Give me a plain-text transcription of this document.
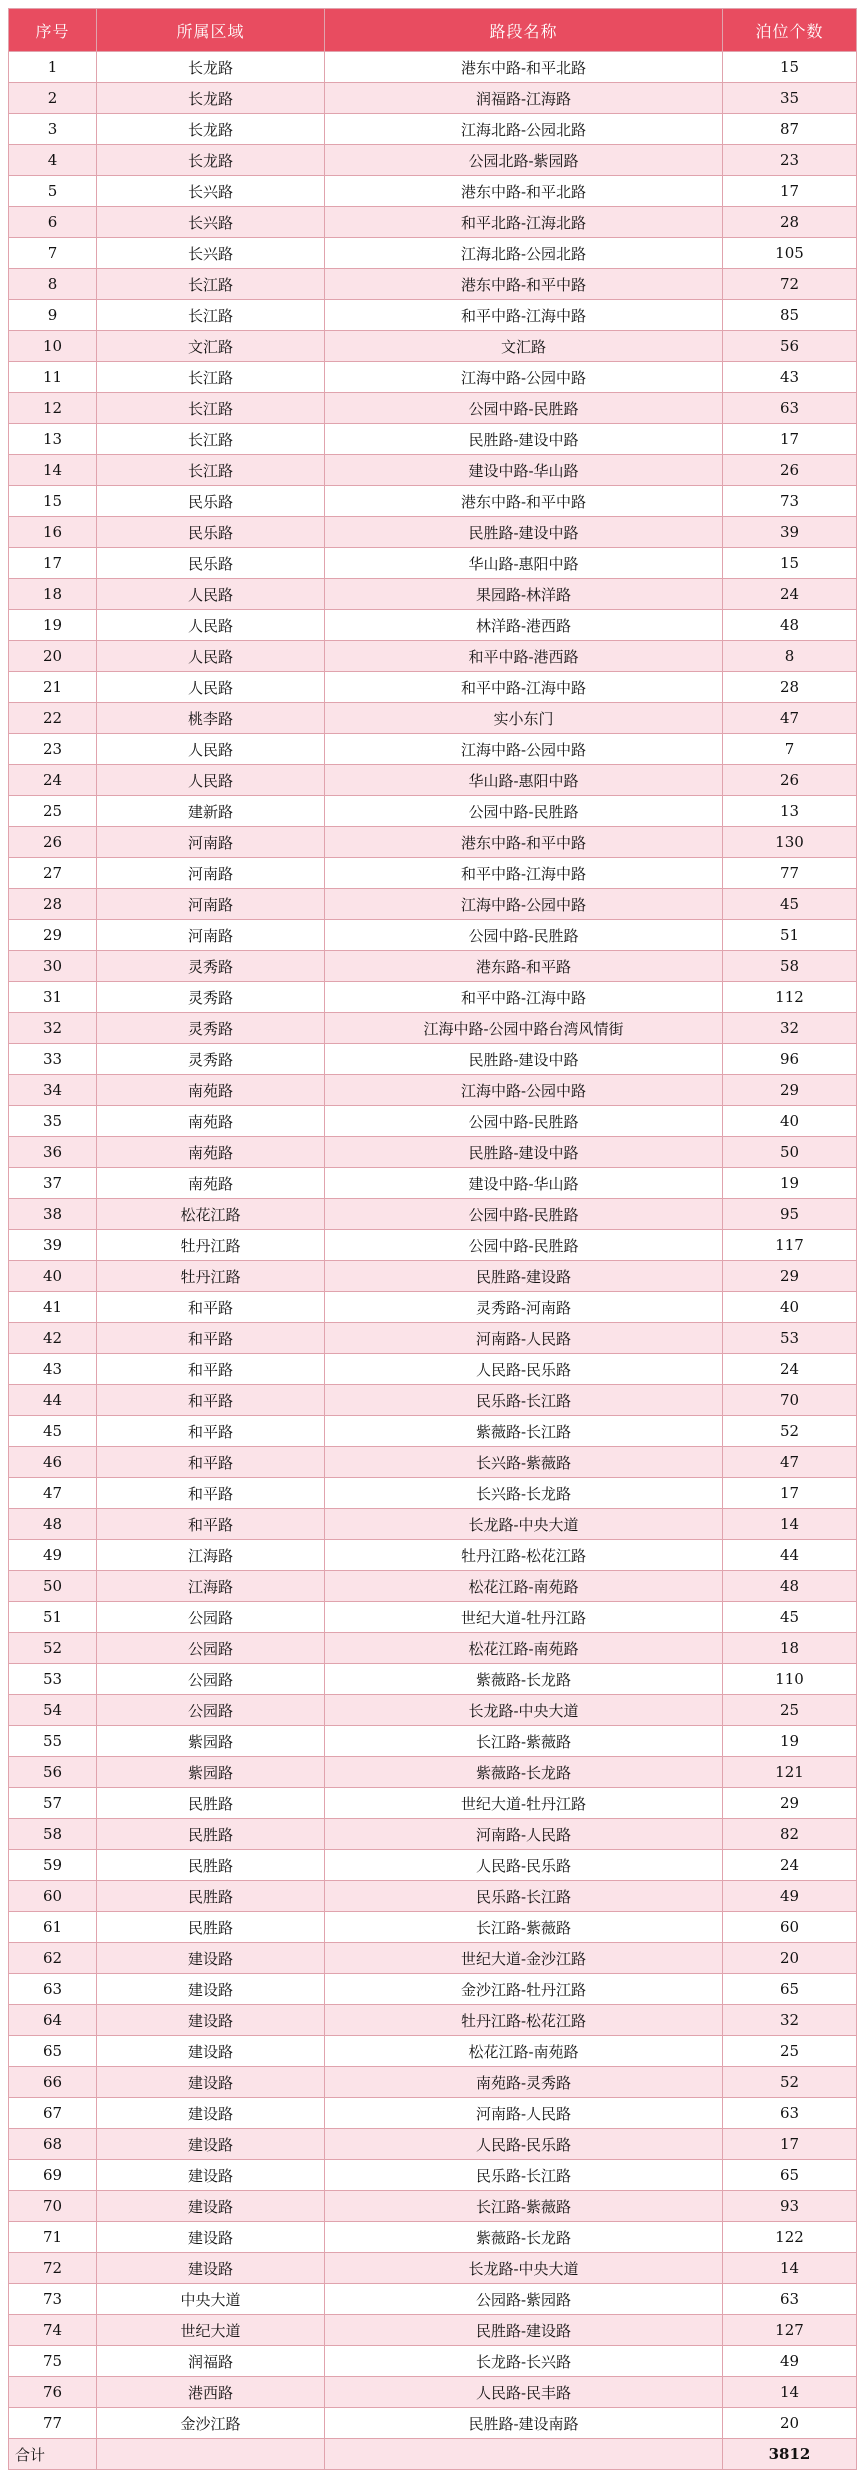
序号	所属区域	路段名称	泊位个数
1	长龙路	港东中路-和平北路	15
2	长龙路	润福路-江海路	35
3	长龙路	江海北路-公园北路	87
4	长龙路	公园北路-紫园路	23
5	长兴路	港东中路-和平北路	17
6	长兴路	和平北路-江海北路	28
7	长兴路	江海北路-公园北路	105
8	长江路	港东中路-和平中路	72
9	长江路	和平中路-江海中路	85
10	文汇路	文汇路	56
11	长江路	江海中路-公园中路	43
12	长江路	公园中路-民胜路	63
13	长江路	民胜路-建设中路	17
14	长江路	建设中路-华山路	26
15	民乐路	港东中路-和平中路	73
16	民乐路	民胜路-建设中路	39
17	民乐路	华山路-惠阳中路	15
18	人民路	果园路-林洋路	24
19	人民路	林洋路-港西路	48
20	人民路	和平中路-港西路	8
21	人民路	和平中路-江海中路	28
22	桃李路	实小东门	47
23	人民路	江海中路-公园中路	7
24	人民路	华山路-惠阳中路	26
25	建新路	公园中路-民胜路	13
26	河南路	港东中路-和平中路	130
27	河南路	和平中路-江海中路	77
28	河南路	江海中路-公园中路	45
29	河南路	公园中路-民胜路	51
30	灵秀路	港东路-和平路	58
31	灵秀路	和平中路-江海中路	112
32	灵秀路	江海中路-公园中路台湾风情街	32
33	灵秀路	民胜路-建设中路	96
34	南苑路	江海中路-公园中路	29
35	南苑路	公园中路-民胜路	40
36	南苑路	民胜路-建设中路	50
37	南苑路	建设中路-华山路	19
38	松花江路	公园中路-民胜路	95
39	牡丹江路	公园中路-民胜路	117
40	牡丹江路	民胜路-建设路	29
41	和平路	灵秀路-河南路	40
42	和平路	河南路-人民路	53
43	和平路	人民路-民乐路	24
44	和平路	民乐路-长江路	70
45	和平路	紫薇路-长江路	52
46	和平路	长兴路-紫薇路	47
47	和平路	长兴路-长龙路	17
48	和平路	长龙路-中央大道	14
49	江海路	牡丹江路-松花江路	44
50	江海路	松花江路-南苑路	48
51	公园路	世纪大道-牡丹江路	45
52	公园路	松花江路-南苑路	18
53	公园路	紫薇路-长龙路	110
54	公园路	长龙路-中央大道	25
55	紫园路	长江路-紫薇路	19
56	紫园路	紫薇路-长龙路	121
57	民胜路	世纪大道-牡丹江路	29
58	民胜路	河南路-人民路	82
59	民胜路	人民路-民乐路	24
60	民胜路	民乐路-长江路	49
61	民胜路	长江路-紫薇路	60
62	建设路	世纪大道-金沙江路	20
63	建设路	金沙江路-牡丹江路	65
64	建设路	牡丹江路-松花江路	32
65	建设路	松花江路-南苑路	25
66	建设路	南苑路-灵秀路	52
67	建设路	河南路-人民路	63
68	建设路	人民路-民乐路	17
69	建设路	民乐路-长江路	65
70	建设路	长江路-紫薇路	93
71	建设路	紫薇路-长龙路	122
72	建设路	长龙路-中央大道	14
73	中央大道	公园路-紫园路	63
74	世纪大道	民胜路-建设路	127
75	润福路	长龙路-长兴路	49
76	港西路	人民路-民丰路	14
77	金沙江路	民胜路-建设南路	20
合计			3812
